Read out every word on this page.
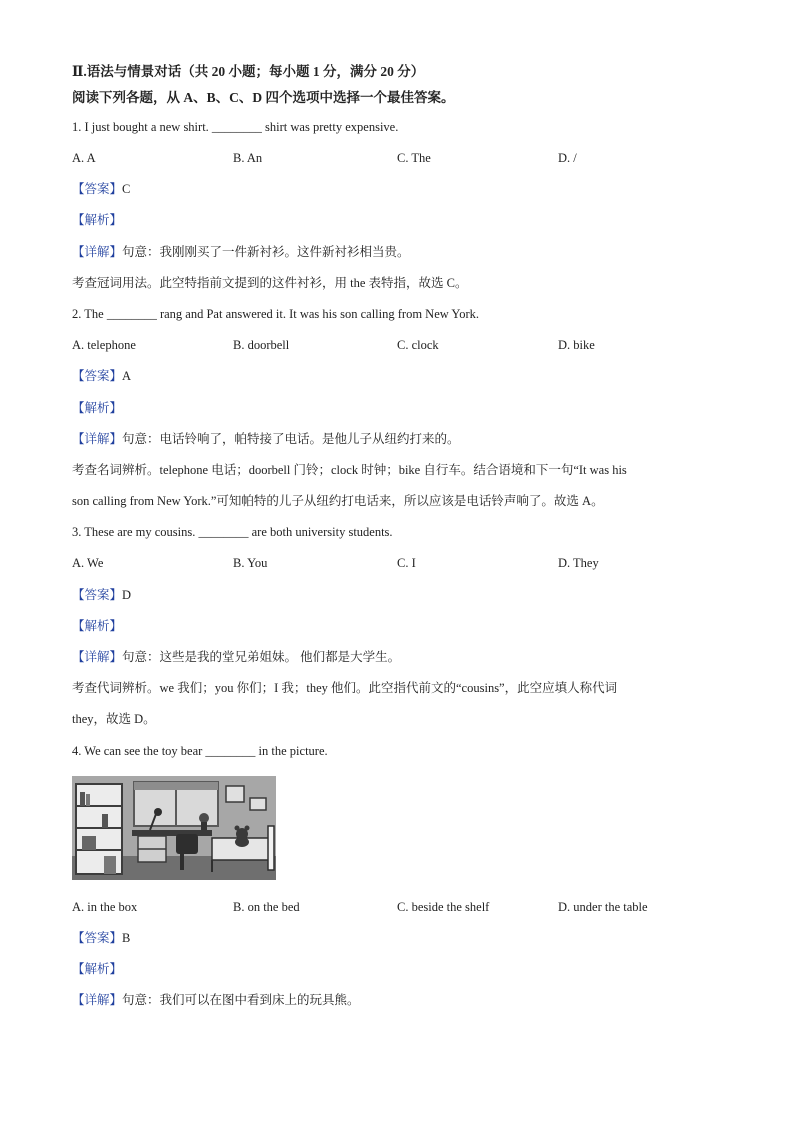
Ⅱ.语法与情景对话（共 20 小题；每小题 1 分，满分 20 分）
阅读下列各题，从 A、B、C、D 四个选项中选择一个最佳答案。
1. I just bought a new shirt. ________ shirt was pretty expensive.
A. A	B. An	C. The	D. /
【答案】C
【解析】
【详解】句意：我刚刚买了一件新衬衫。这件新衬衫相当贵。
考查冠词用法。此空特指前文提到的这件衬衫，用 the 表特指，故选 C。
2. The ________ rang and Pat answered it. It was his son calling from New York.
A. telephone	B. doorbell	C. clock	D. bike
【答案】A
【解析】
【详解】句意：电话铃响了，帕特接了电话。是他儿子从纽约打来的。
考查名词辨析。telephone 电话；doorbell 门铃；clock 时钟；bike 自行车。结合语境和下一句“It was his
son calling from New York.”可知帕特的儿子从纽约打电话来，所以应该是电话铃声响了。故选 A。
3. These are my cousins. ________ are both university students.
A. We	B. You	C. I	D. They
【答案】D
【解析】
【详解】句意：这些是我的堂兄弟姐妹。 他们都是大学生。
考查代词辨析。we 我们；you 你们；I 我；they 他们。此空指代前文的“cousins”，此空应填人称代词
they，故选 D。
4. We can see the toy bear ________ in the picture.
A. in the box	B. on the bed	C. beside the shelf	D. under the table
【答案】B
【解析】
【详解】句意：我们可以在图中看到床上的玩具熊。
